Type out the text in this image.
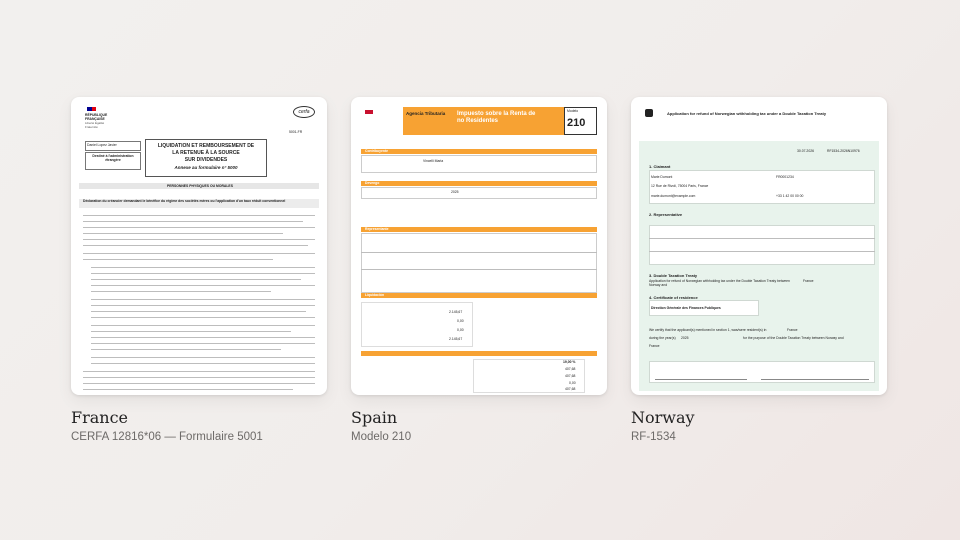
RÉPUBLIQUE FRANÇAISE
Liberté Égalité Fraternité
cerfa
5001-FR
Daniel Lopez Javier
Destiné à l'administration étrangère
LIQUIDATION ET REMBOURSEMENT DE
LA RETENUE À LA SOURCE
SUR DIVIDENDES
Annexe au formulaire n° 5000
PERSONNES PHYSIQUES OU MORALES
Déclaration du créancier demandant le bénéfice du régime des sociétés mères ou l'application d'un taux réduit conventionnel
France
CERFA 12816*06 — Formulaire 5001
Agencia Tributaria Impuesto sobre la Renta de no Residentes
Modelo
210
Contribuyente
Vincelli Maria
Devengo
2025
Representante
Liquidación
2.145,67
0,00
0,00
2.145,67
19,00 %
407,68
407,68
0,00
407,68
Spain
Modelo 210
Application for refund of Norwegian withholding tax under a Double Taxation Treaty
30.07.2026	RF1534-2026N10976
1. Claimant
Marie Dumont	FR0001234
12 Rue de Rivoli, 75004 Paris, France
marie.dumont@example.com	+33 1 42 00 00 00
2. Representative
3. Double Taxation Treaty
Application for refund of Norwegian withholding tax under the Double Taxation Treaty between Norway and
France
4. Certificate of residence
Direction Générale des Finances Publiques
We certify that the applicant(s) mentioned in section 1, was/were resident(s) in	France
during the year(s) 2025	for the purpose of the Double Taxation Treaty between Norway and
France
Norway
RF-1534
